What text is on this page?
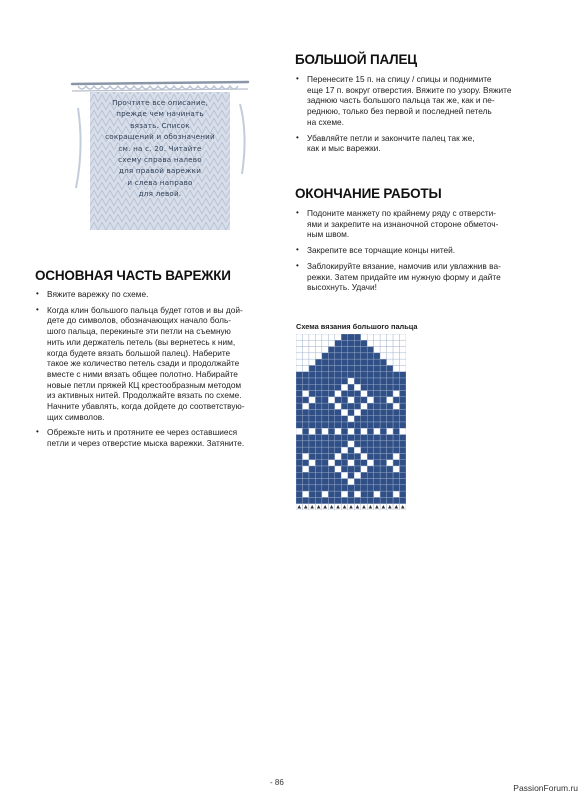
Прочтите все описание,
прежде чем начинать
вязать. Список
сокращений и обозначений
см. на с. 20. Читайте
схему справа налево
для правой варежки
и слева направо
для левой.
ОСНОВНАЯ ЧАСТЬ ВАРЕЖКИ
• Вяжите варежку по схеме.
• Когда клин большого пальца будет готов и вы дой-
дете до символов, обозначающих начало боль-
шого пальца, перекиньте эти петли на съемную
нить или держатель петель (вы вернетесь к ним,
когда будете вязать большой палец). Наберите
такое же количество петель сзади и продолжайте
вместе с ними вязать общее полотно. Набирайте
новые петли пряжей КЦ крестообразным методом
из активных нитей. Продолжайте вязать по схеме.
Начните убавлять, когда дойдете до соответствую-
щих символов.
• Обрежьте нить и протяните ее через оставшиеся
петли и через отверстие мыска варежки. Затяните.
БОЛЬШОЙ ПАЛЕЦ
• Перенесите 15 п. на спицу / спицы и поднимите
еще 17 п. вокруг отверстия. Вяжите по узору. Вяжите
заднюю часть большого пальца так же, как и пе-
реднюю, только без первой и последней петель
на схеме.
• Убавляйте петли и закончите палец так же,
как и мыс варежки.
ОКОНЧАНИЕ РАБОТЫ
• Подоните манжету по крайнему ряду с отверсти-
ями и закрепите на изнаночной стороне обметоч-
ным швом.
• Закрепите все торчащие концы нитей.
• Заблокируйте вязание, намочив или увлажнив ва-
режки. Затем придайте им нужную форму и дайте
высохнуть. Удачи!
Схема вязания большого пальца
- 86
PassionForum.ru
